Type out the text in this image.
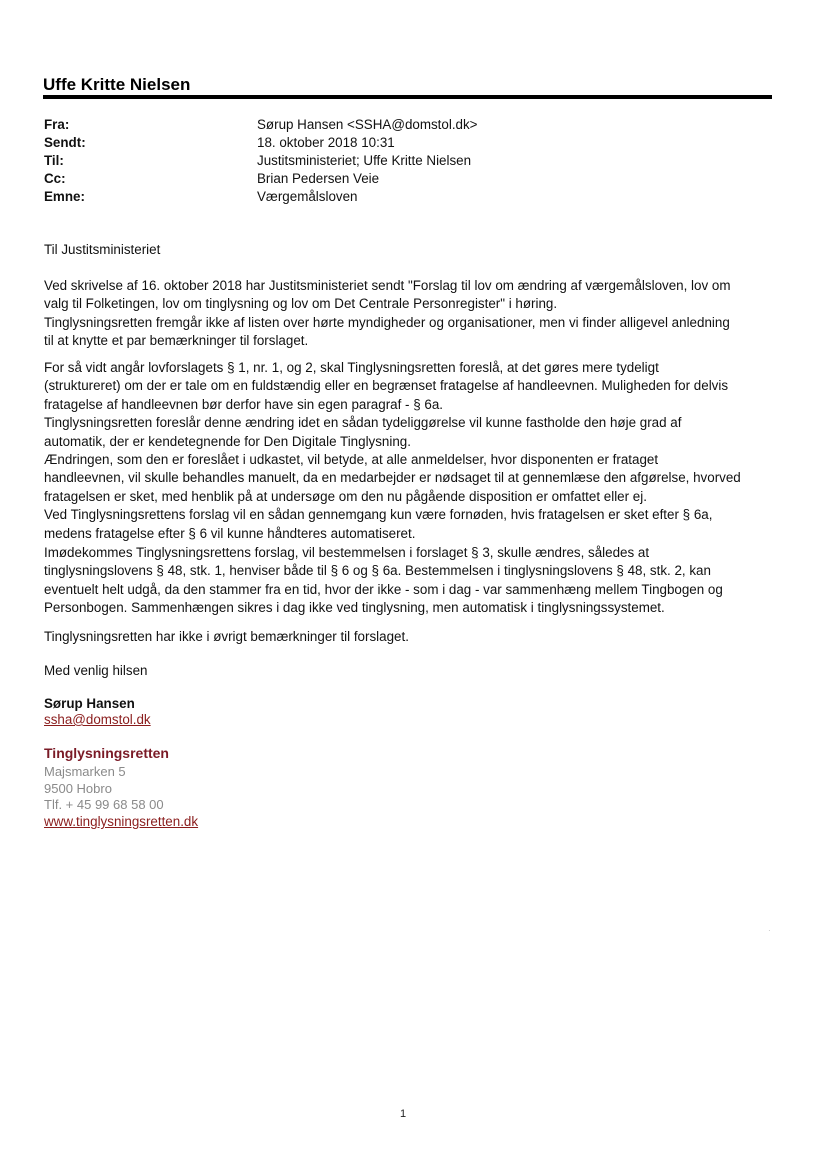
Uffe Kritte Nielsen
Fra:	Sørup Hansen <SSHA@domstol.dk>
Sendt:	18. oktober 2018 10:31
Til:	Justitsministeriet; Uffe Kritte Nielsen
Cc:	Brian Pedersen Veie
Emne:	Værgemålsloven

Til Justitsministeriet

Ved skrivelse af 16. oktober 2018 har Justitsministeriet sendt "Forslag til lov om ændring af værgemålsloven, lov om
valg til Folketingen, lov om tinglysning og lov om Det Centrale Personregister" i høring.
Tinglysningsretten fremgår ikke af listen over hørte myndigheder og organisationer, men vi finder alligevel anledning
til at knytte et par bemærkninger til forslaget.

For så vidt angår lovforslagets § 1, nr. 1, og 2, skal Tinglysningsretten foreslå, at det gøres mere tydeligt
(struktureret) om der er tale om en fuldstændig eller en begrænset fratagelse af handleevnen. Muligheden for delvis
fratagelse af handleevnen bør derfor have sin egen paragraf - § 6a.
Tinglysningsretten foreslår denne ændring idet en sådan tydeliggørelse vil kunne fastholde den høje grad af
automatik, der er kendetegnende for Den Digitale Tinglysning.
Ændringen, som den er foreslået i udkastet, vil betyde, at alle anmeldelser, hvor disponenten er frataget
handleevnen, vil skulle behandles manuelt, da en medarbejder er nødsaget til at gennemlæse den afgørelse, hvorved
fratagelsen er sket, med henblik på at undersøge om den nu pågående disposition er omfattet eller ej.
Ved Tinglysningsrettens forslag vil en sådan gennemgang kun være fornøden, hvis fratagelsen er sket efter § 6a,
medens fratagelse efter § 6 vil kunne håndteres automatiseret.

Imødekommes Tinglysningsrettens forslag, vil bestemmelsen i forslaget § 3, skulle ændres, således at
tinglysningslovens § 48, stk. 1, henviser både til § 6 og § 6a. Bestemmelsen i tinglysningslovens § 48, stk. 2, kan
eventuelt helt udgå, da den stammer fra en tid, hvor der ikke - som i dag - var sammenhæng mellem Tingbogen og
Personbogen. Sammenhængen sikres i dag ikke ved tinglysning, men automatisk i tinglysningssystemet.

Tinglysningsretten har ikke i øvrigt bemærkninger til forslaget.

Med venlig hilsen

Sørup Hansen
ssha@domstol.dk
Tinglysningsretten
Majsmarken 5
9500 Hobro
Tlf. + 45 99 68 58 00
www.tinglysningsretten.dk
1
·
